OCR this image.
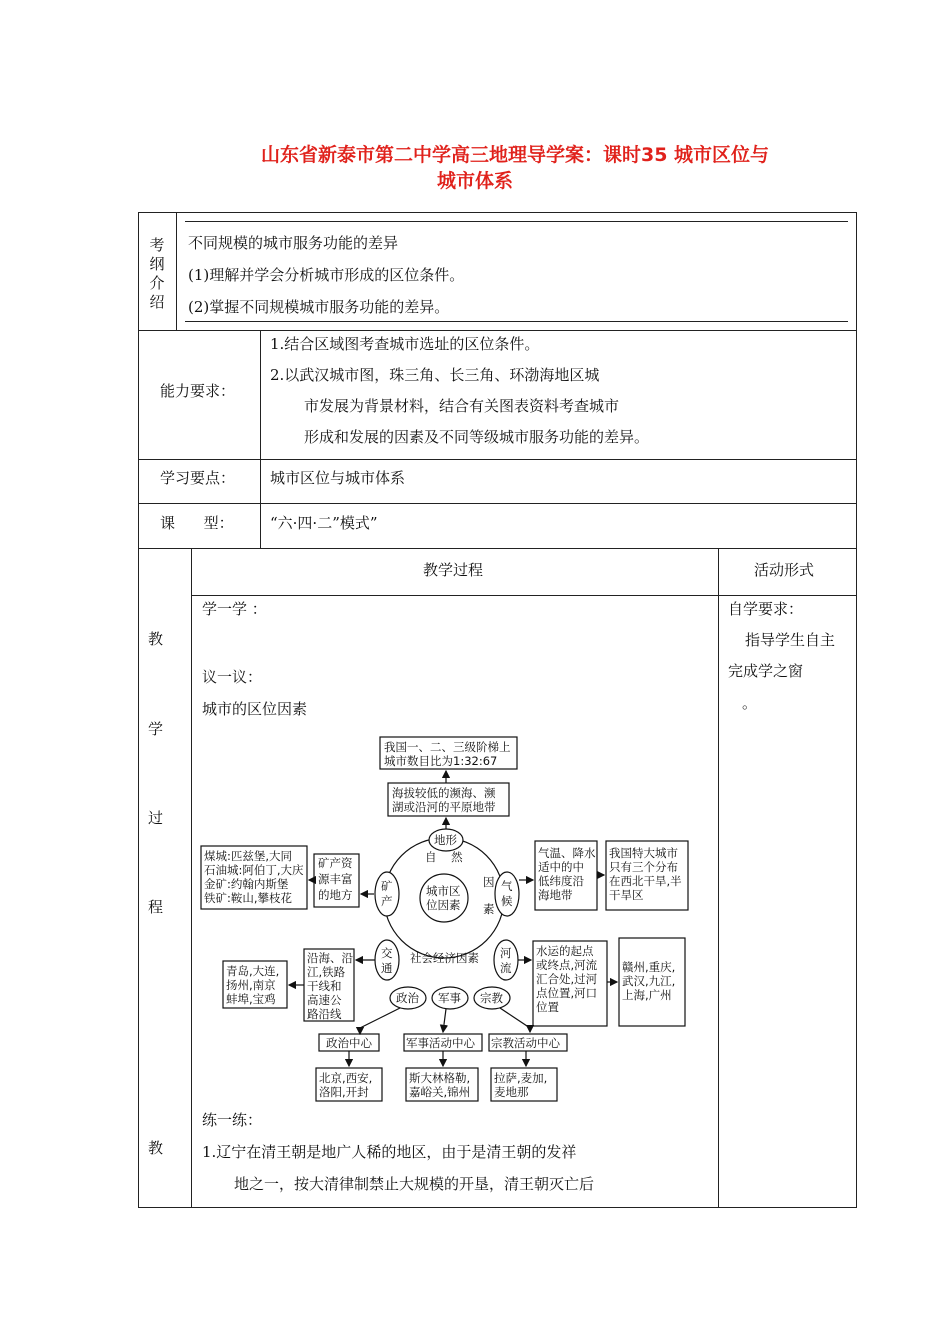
山东省新泰市第二中学高三地理导学案：课时35 城市区位与
城市体系
考
纲
介
绍
不同规模的城市服务功能的差异
(1)理解并学会分析城市形成的区位条件。
(2)掌握不同规模城市服务功能的差异。
能力要求：
1.结合区域图考查城市选址的区位条件。
2.以武汉城市图，珠三角、长三角、环渤海地区城
市发展为背景材料，结合有关图表资料考查城市
形成和发展的因素及不同等级城市服务功能的差异。
学习要点： 城市区位与城市体系
课      型： “六·四·二”模式”
教
学
过
程
教
教学过程	活动形式
学一学 ：
议一议：
城市的区位因素
练一练：
1.辽宁在清王朝是地广人稀的地区，由于是清王朝的发祥
地之一，按大清律制禁止大规模的开垦，清王朝灭亡后
自学要求：
指导学生自主
完成学之窗
。
我国一、二、三级阶梯上
城市数目比为1:32:67
海拔较低的濒海、濒
湖或沿河的平原地带
地形
自    然
城市区
位因素
矿
产
气
候
因
素
社会经济因素
交
通
河
流
政治 军事 宗教
矿产资
源丰富
的地方
煤城:匹兹堡,大同
石油城:阿伯丁,大庆
金矿:约翰内斯堡
铁矿:鞍山,攀枝花
气温、降水
适中的中
低纬度沿
海地带
我国特大城市
只有三个分布
在西北干旱,半
干旱区
水运的起点
或终点,河流
汇合处,过河
点位置,河口
位置
赣州,重庆,
武汉,九江,
上海,广州
沿海、沿
江,铁路
干线和
高速公
路沿线
青岛,大连,
扬州,南京
蚌埠,宝鸡
政治中心	军事活动中心 宗教活动中心
北京,西安,
洛阳,开封
斯大林格勒,
嘉峪关,锦州
拉萨,麦加,
麦地那
